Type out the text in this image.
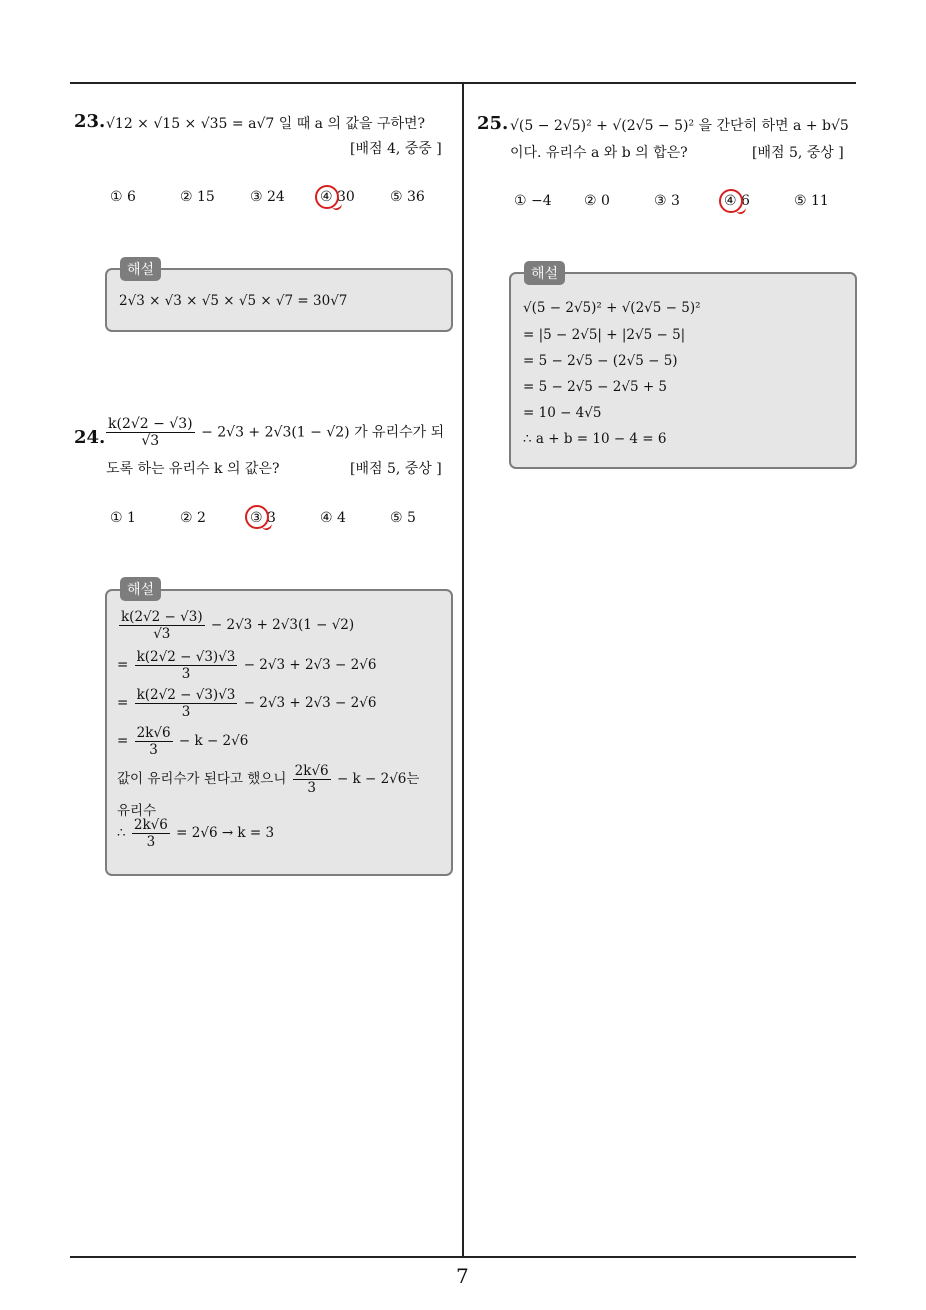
7
23. √12 × √15 × √35 = a√7 일 때 a 의 값을 구하면?
[배점 4, 중중 ]
① 6	② 15	③ 24	④ 30	⑤ 36
2√3 × √3 × √5 × √5 × √7 = 30√7
해설
24. $\frac{k(2√2 - √3)}{√3} - 2√3 + 2√3(1 - √2)$ 가 유리수가 되
도록 하는 유리수 k 의 값은?	[배점 5, 중상 ]
① 1	② 2	③ 3	④ 4	⑤ 5
$\frac{k(2√2 - √3)}{√3} - 2√3 + 2√3(1 - √2)$
= $\frac{k(2√2 - √3)√3}{3} - 2√3 + 2√3 - 2√6$
= $\frac{k(2√2 - √3)√3}{3} - 2√3 + 2√3 - 2√6$
= $\frac{2k√6}{3} - k - 2√6$
값이 유리수가 된다고 했으니 $\frac{2k√6}{3} - k - 2√6$는
유리수
∴ $\frac{2k√6}{3} = 2√6 \to k = 3$
해설
25. √(5 − 2√5)² + √(2√5 − 5)² 을 간단히 하면 a + b√5
이다. 유리수 a 와 b 의 합은?	[배점 5, 중상 ]
① −4 ② 0	③ 3	④ 6	⑤ 11
√(5 − 2√5)² + √(2√5 − 5)²
= |5 − 2√5| + |2√5 − 5|
= 5 − 2√5 − (2√5 − 5)
= 5 − 2√5 − 2√5 + 5
= 10 − 4√5
∴ a + b = 10 − 4 = 6
해설
